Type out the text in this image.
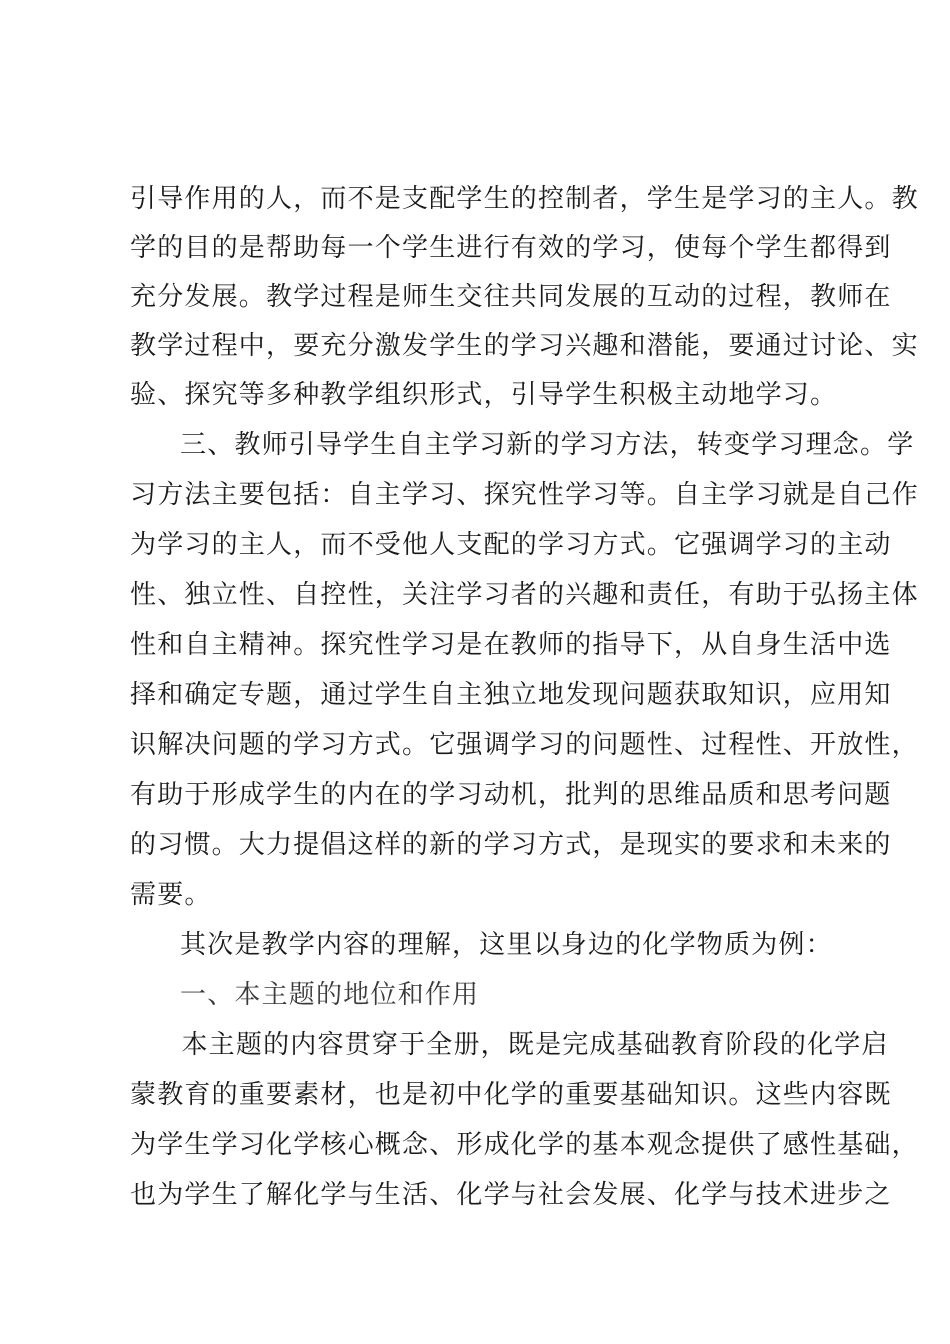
引导作用的人，而不是支配学生的控制者，学生是学习的主人。教
学的目的是帮助每一个学生进行有效的学习，使每个学生都得到
充分发展。教学过程是师生交往共同发展的互动的过程，教师在
教学过程中，要充分激发学生的学习兴趣和潜能，要通过讨论、实
验、探究等多种教学组织形式，引导学生积极主动地学习。
三、教师引导学生自主学习新的学习方法，转变学习理念。学
习方法主要包括：自主学习、探究性学习等。自主学习就是自己作
为学习的主人，而不受他人支配的学习方式。它强调学习的主动
性、独立性、自控性，关注学习者的兴趣和责任，有助于弘扬主体
性和自主精神。探究性学习是在教师的指导下，从自身生活中选
择和确定专题，通过学生自主独立地发现问题获取知识，应用知
识解决问题的学习方式。它强调学习的问题性、过程性、开放性，
有助于形成学生的内在的学习动机，批判的思维品质和思考问题
的习惯。大力提倡这样的新的学习方式，是现实的要求和未来的
需要。
其次是教学内容的理解，这里以身边的化学物质为例：
一、本主题的地位和作用
本主题的内容贯穿于全册，既是完成基础教育阶段的化学启
蒙教育的重要素材，也是初中化学的重要基础知识。这些内容既
为学生学习化学核心概念、形成化学的基本观念提供了感性基础，
也为学生了解化学与生活、化学与社会发展、化学与技术进步之
